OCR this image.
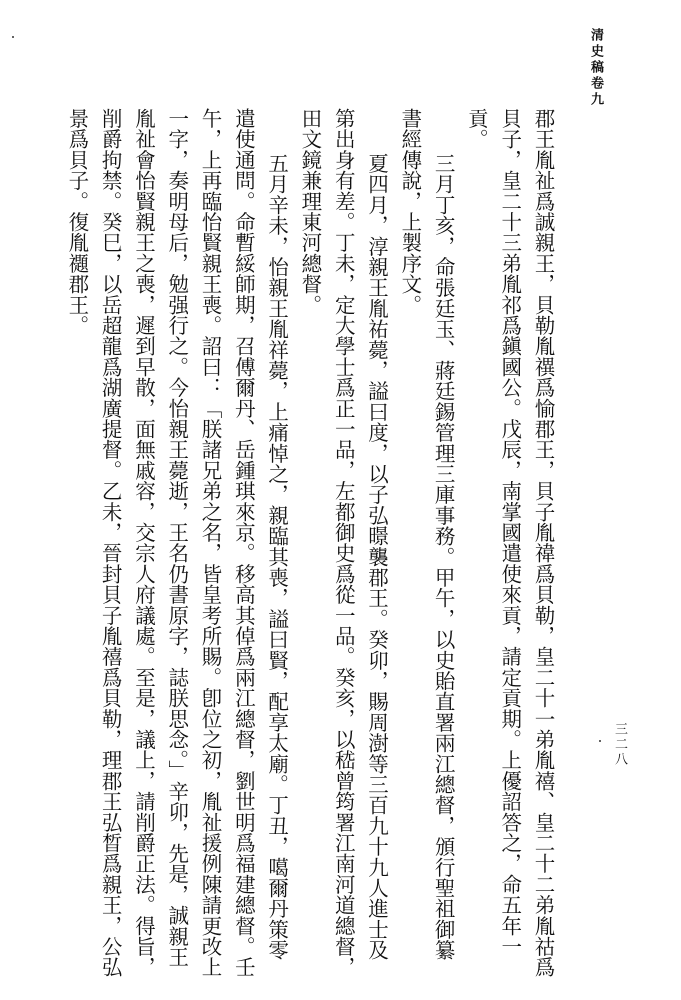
清史稿卷九
三二八

郡王胤祉爲誠親王，貝勒胤禩爲愉郡王，貝子胤禕爲貝勒，皇二十一弟胤禧、皇二十二弟胤祜爲貝子，皇二十三弟胤祁爲鎭國公。戊辰，南掌國遣使來貢，請定貢期。上優詔答之，命五年一貢。

三月丁亥，命張廷玉、蔣廷錫管理三庫事務。甲午，以史貽直署兩江總督，頒行聖祖御纂書經傳說，上製序文。

夏四月，淳親王胤祐薨，謚曰度，以子弘暻襲郡王。癸卯，賜周澍等三百九十九人進士及第出身有差。丁未，定大學士爲正一品，左都御史爲從一品。癸亥，以嵇曾筠署江南河道總督，田文鏡兼理東河總督。

五月辛未，怡親王胤祥薨，上痛悼之，親臨其喪，謚曰賢，配享太廟。丁丑，噶爾丹策零遣使通問。命暫綏師期，召傅爾丹、岳鍾琪來京。移高其倬爲兩江總督，劉世明爲福建總督。壬午，上再臨怡賢親王喪。詔曰：「朕諸兄弟之名，皆皇考所賜。卽位之初，胤祉援例陳請更改上一字，奏明母后，勉强行之。今怡親王薨逝，王名仍書原字，誌朕思念。」辛卯，先是，誠親王胤祉會怡賢親王之喪，遲到早散，面無戚容，交宗人府議處。至是，議上，請削爵正法。得旨，削爵拘禁。癸巳，以岳超龍爲湖廣提督。乙未，晉封貝子胤禧爲貝勒，理郡王弘晳爲親王，公弘景爲貝子。復胤禵郡王。
